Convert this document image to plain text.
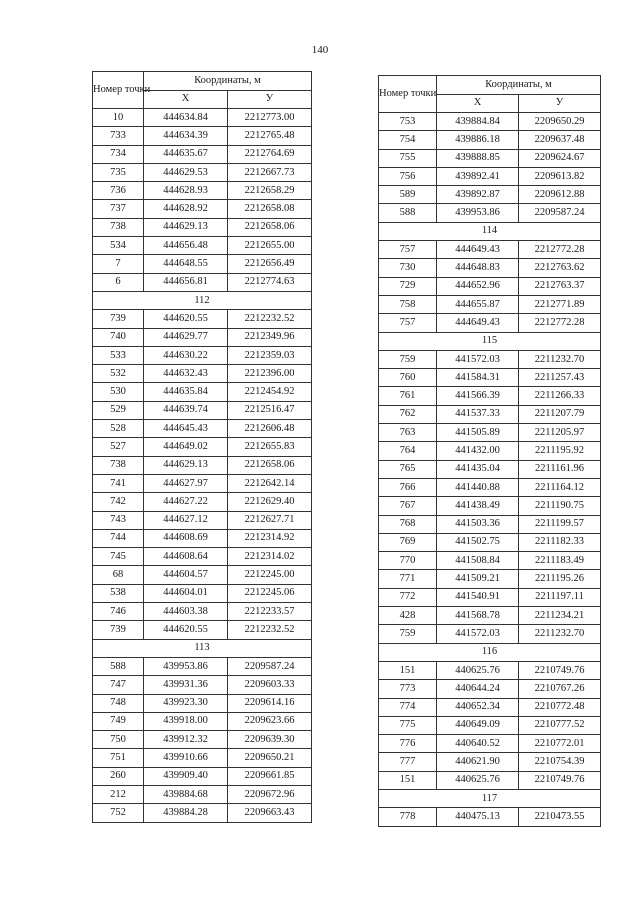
140
Номер точки	Координаты, м	
	X	У
10	444634.84	2212773.00
733	444634.39	2212765.48
734	444635.67	2212764.69
735	444629.53	2212667.73
736	444628.93	2212658.29
737	444628.92	2212658.08
738	444629.13	2212658.06
534	444656.48	2212655.00
7	444648.55	2212656.49
6	444656.81	2212774.63
112		
739	444620.55	2212232.52
740	444629.77	2212349.96
533	444630.22	2212359.03
532	444632.43	2212396.00
530	444635.84	2212454.92
529	444639.74	2212516.47
528	444645.43	2212606.48
527	444649.02	2212655.83
738	444629.13	2212658.06
741	444627.97	2212642.14
742	444627.22	2212629.40
743	444627.12	2212627.71
744	444608.69	2212314.92
745	444608.64	2212314.02
68	444604.57	2212245.00
538	444604.01	2212245.06
746	444603.38	2212233.57
739	444620.55	2212232.52
113		
588	439953.86	2209587.24
747	439931.36	2209603.33
748	439923.30	2209614.16
749	439918.00	2209623.66
750	439912.32	2209639.30
751	439910.66	2209650.21
260	439909.40	2209661.85
212	439884.68	2209672.96
752	439884.28	2209663.43
Номер точки	Координаты, м	
	X	У
753	439884.84	2209650.29
754	439886.18	2209637.48
755	439888.85	2209624.67
756	439892.41	2209613.82
589	439892.87	2209612.88
588	439953.86	2209587.24
114		
757	444649.43	2212772.28
730	444648.83	2212763.62
729	444652.96	2212763.37
758	444655.87	2212771.89
757	444649.43	2212772.28
115		
759	441572.03	2211232.70
760	441584.31	2211257.43
761	441566.39	2211266.33
762	441537.33	2211207.79
763	441505.89	2211205.97
764	441432.00	2211195.92
765	441435.04	2211161.96
766	441440.88	2211164.12
767	441438.49	2211190.75
768	441503.36	2211199.57
769	441502.75	2211182.33
770	441508.84	2211183.49
771	441509.21	2211195.26
772	441540.91	2211197.11
428	441568.78	2211234.21
759	441572.03	2211232.70
116		
151	440625.76	2210749.76
773	440644.24	2210767.26
774	440652.34	2210772.48
775	440649.09	2210777.52
776	440640.52	2210772.01
777	440621.90	2210754.39
151	440625.76	2210749.76
117		
778	440475.13	2210473.55
